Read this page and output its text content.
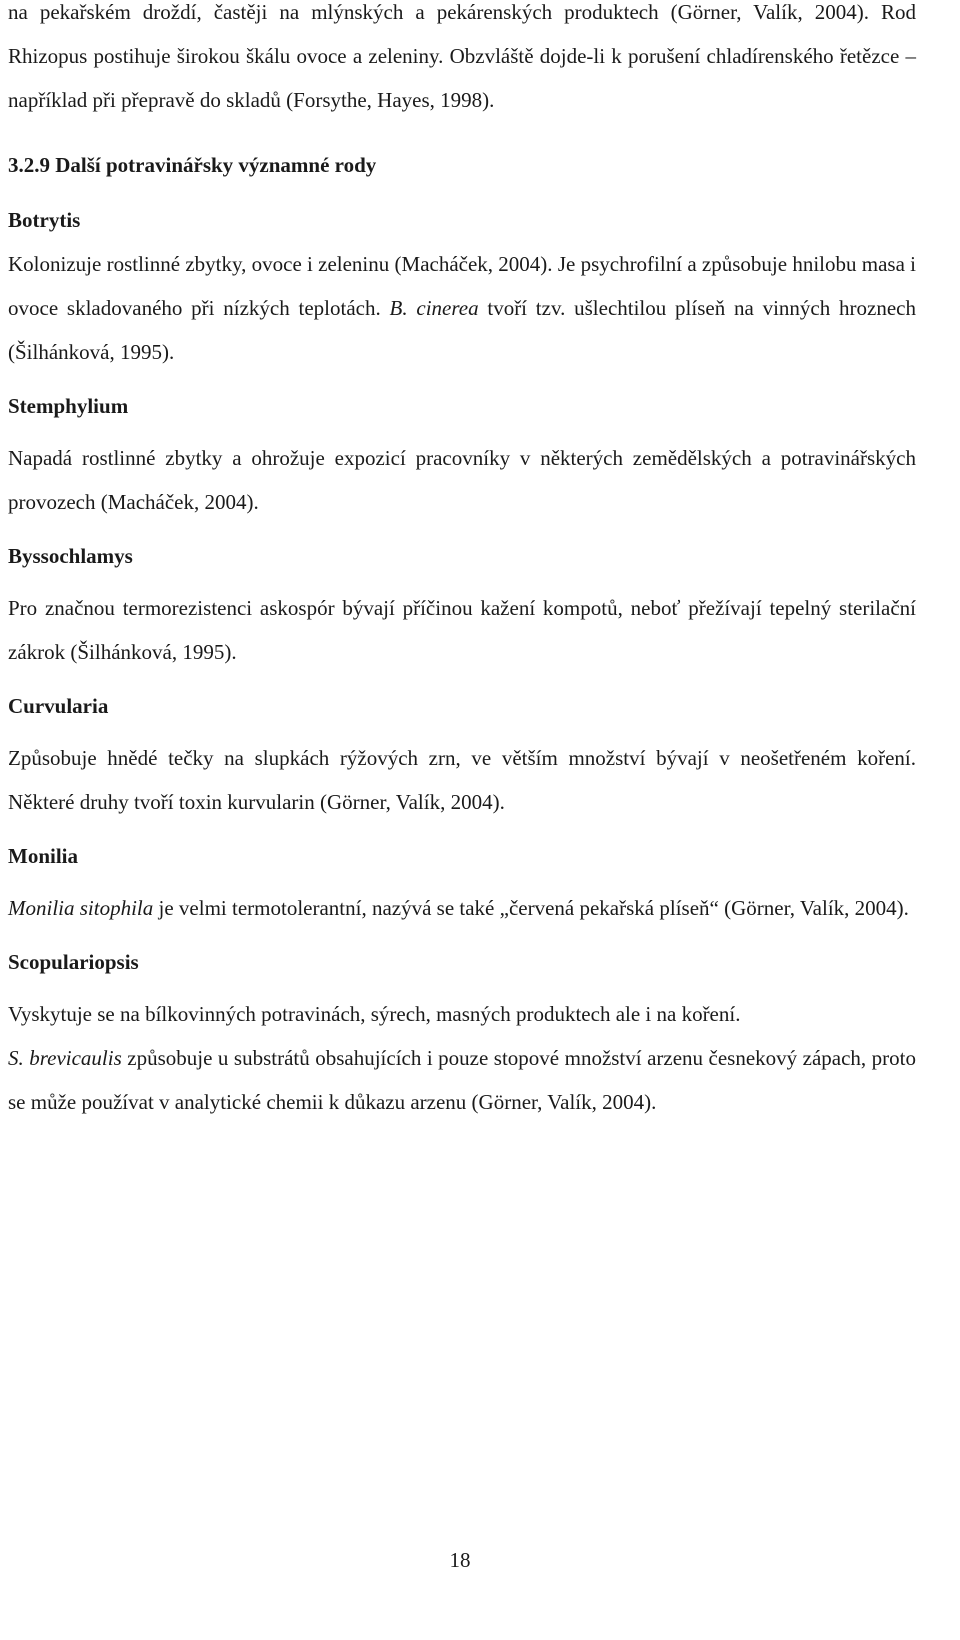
na pekařském droždí, častěji na mlýnských a pekárenských produktech (Görner, Valík, 2004). Rod Rhizopus postihuje širokou škálu ovoce a zeleniny. Obzvláště dojde-li k porušení chladírenského řetězce – například při přepravě do skladů (Forsythe, Hayes, 1998).

3.2.9 Další potravinářsky významné rody

Botrytis

Kolonizuje rostlinné zbytky, ovoce i zeleninu (Macháček, 2004). Je psychrofilní a způsobuje hnilobu masa i ovoce skladovaného při nízkých teplotách. B. cinerea tvoří tzv. ušlechtilou plíseň na vinných hroznech (Šilhánková, 1995).

Stemphylium

Napadá rostlinné zbytky a ohrožuje expozicí pracovníky v některých zemědělských a potravinářských provozech (Macháček, 2004).

Byssochlamys

Pro značnou termorezistenci askospór bývají příčinou kažení kompotů, neboť přežívají tepelný sterilační zákrok (Šilhánková, 1995).

Curvularia

Způsobuje hnědé tečky na slupkách rýžových zrn, ve větším množství bývají v neošetřeném koření. Některé druhy tvoří toxin kurvularin (Görner, Valík, 2004).

Monilia

Monilia sitophila je velmi termotolerantní, nazývá se také „červená pekařská plíseň“ (Görner, Valík, 2004).

Scopulariopsis

Vyskytuje se na bílkovinných potravinách, sýrech, masných produktech ale i na koření.

S. brevicaulis způsobuje u substrátů obsahujících i pouze stopové množství arzenu česnekový zápach, proto se může používat v analytické chemii k důkazu arzenu (Görner, Valík, 2004).

18
